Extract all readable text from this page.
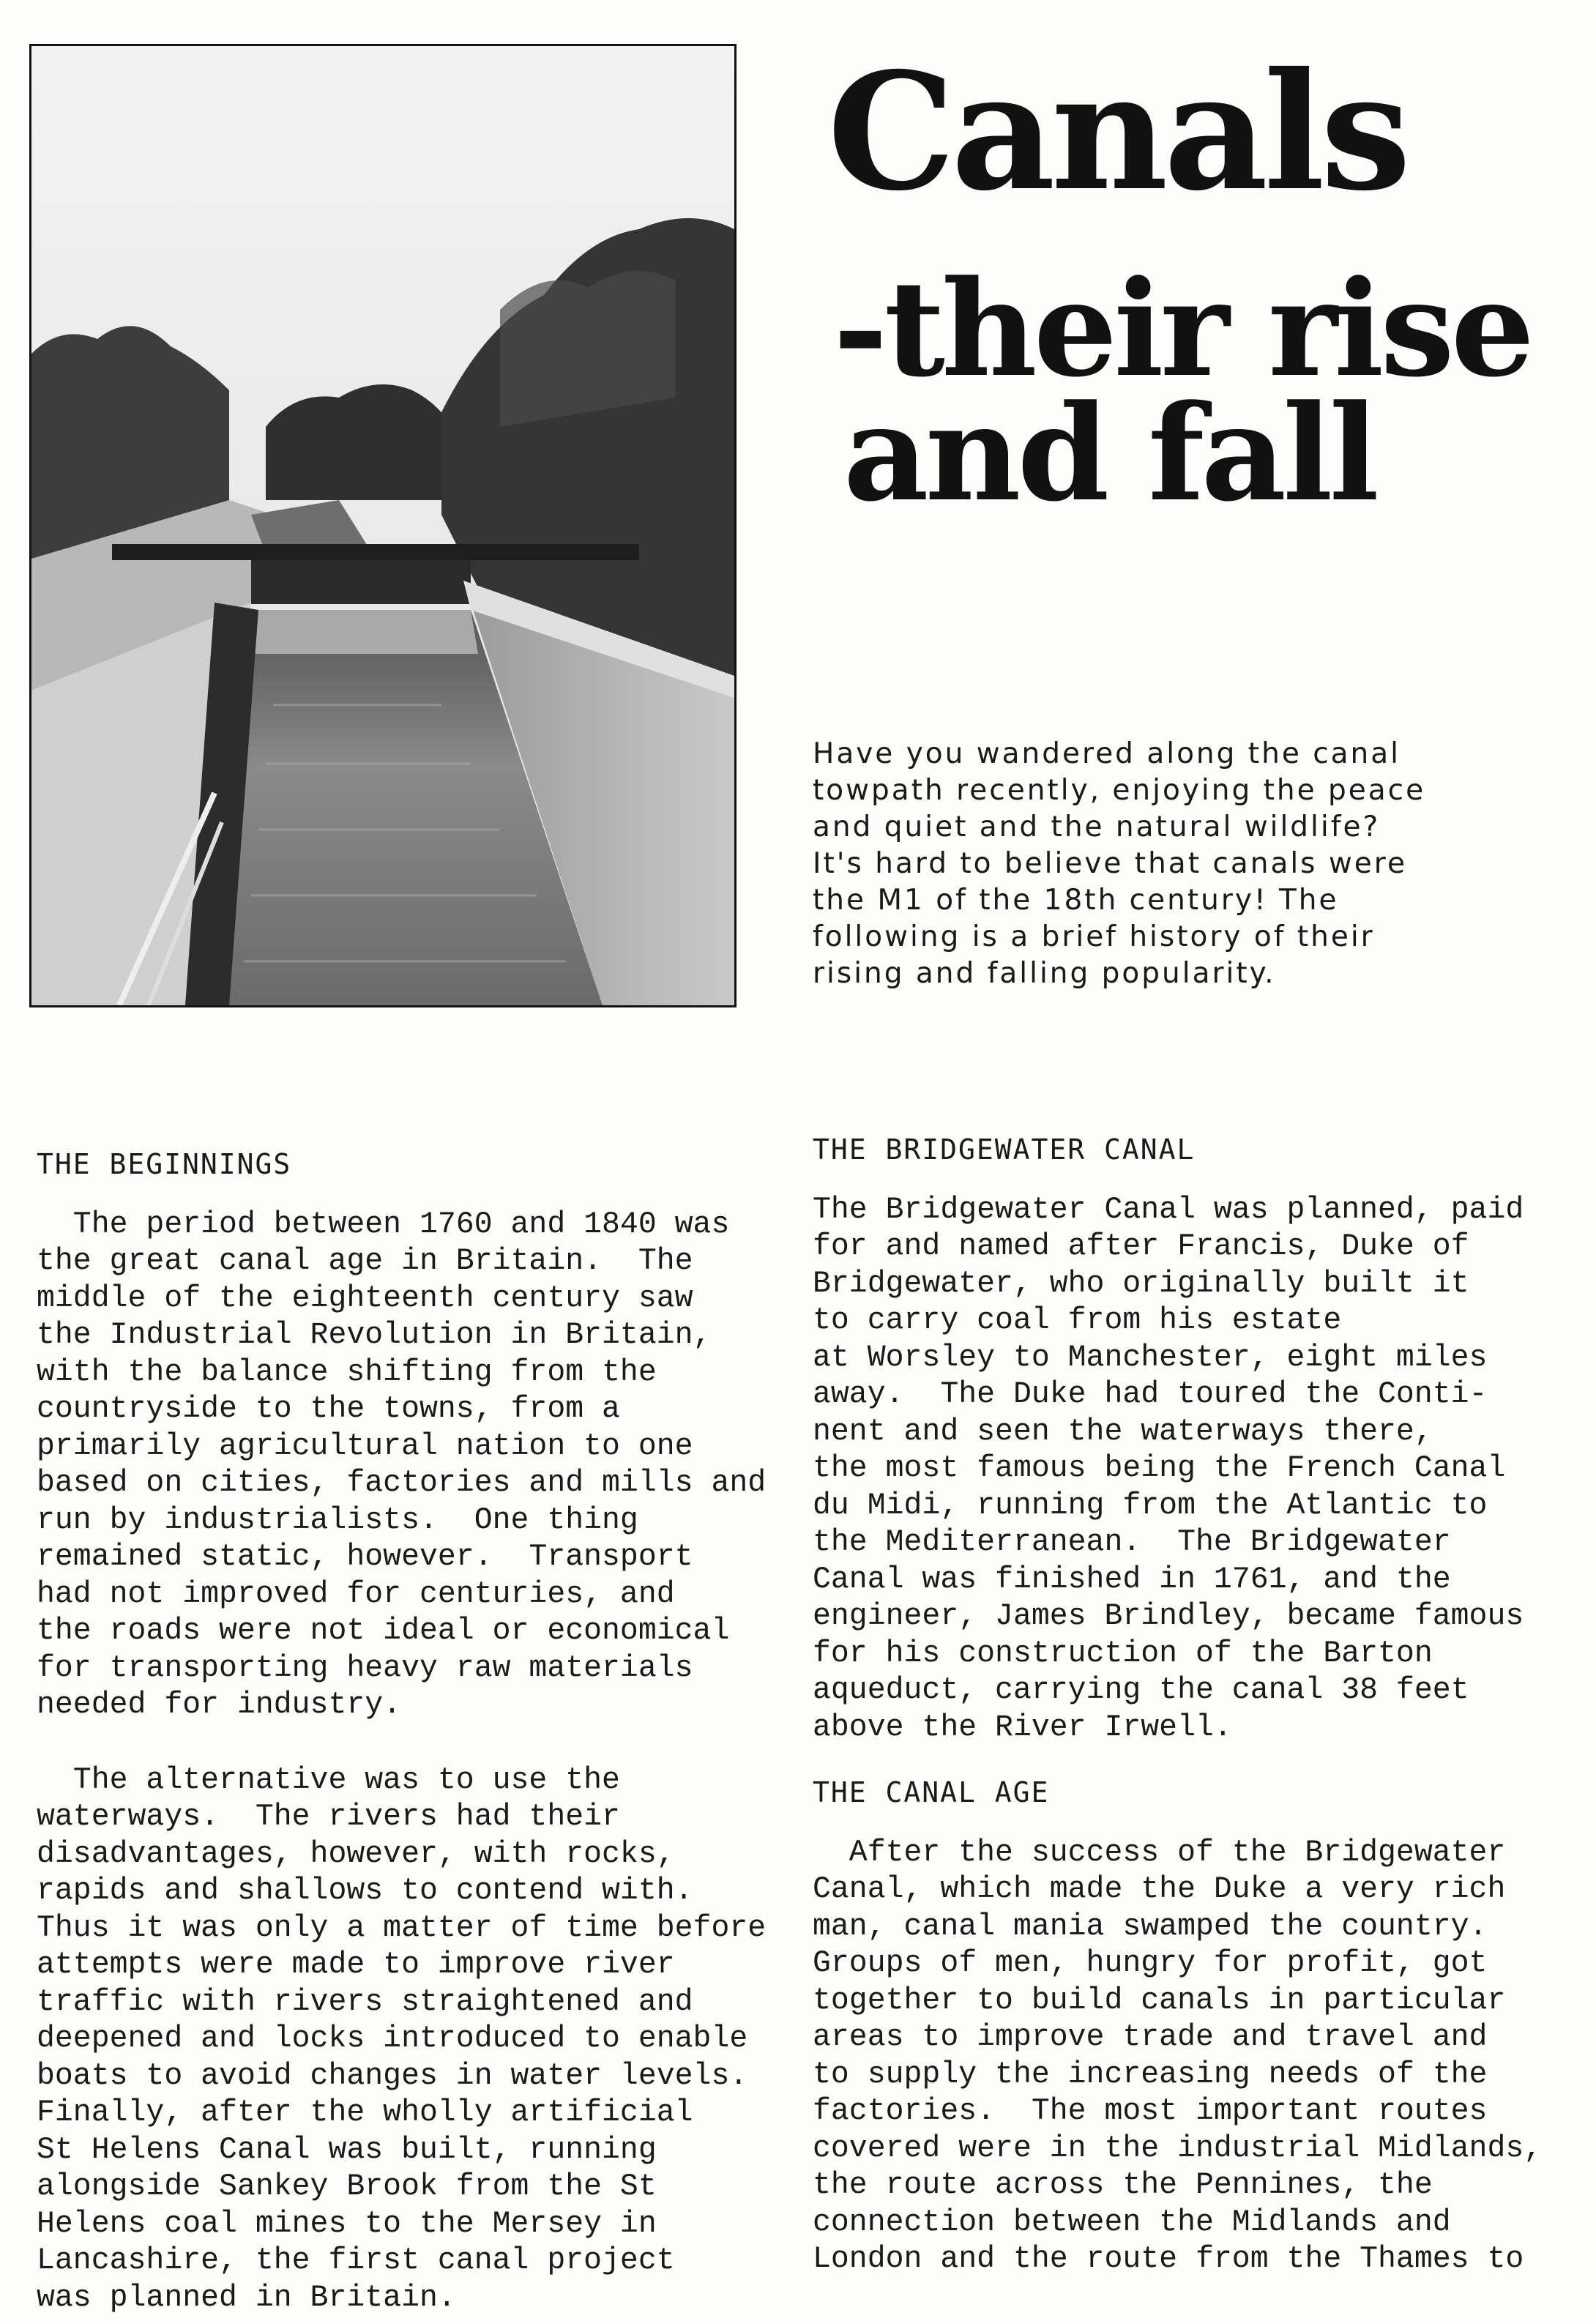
Canals
-their rise
and fall

Have you wandered along the canal
towpath recently, enjoying the peace
and quiet and the natural wildlife?
It's hard to believe that canals were
the M1 of the 18th century! The
following is a brief history of their
rising and falling popularity.

THE BEGINNINGS

The period between 1760 and 1840 was
the great canal age in Britain.  The
middle of the eighteenth century saw
the Industrial Revolution in Britain,
with the balance shifting from the
countryside to the towns, from a
primarily agricultural nation to one
based on cities, factories and mills and
run by industrialists.  One thing
remained static, however.  Transport
had not improved for centuries, and
the roads were not ideal or economical
for transporting heavy raw materials
needed for industry.

The alternative was to use the
waterways.  The rivers had their
disadvantages, however, with rocks,
rapids and shallows to contend with.
Thus it was only a matter of time before
attempts were made to improve river
traffic with rivers straightened and
deepened and locks introduced to enable
boats to avoid changes in water levels.
Finally, after the wholly artificial
St Helens Canal was built, running
alongside Sankey Brook from the St
Helens coal mines to the Mersey in
Lancashire, the first canal project
was planned in Britain.

THE BRIDGEWATER CANAL

The Bridgewater Canal was planned, paid
for and named after Francis, Duke of
Bridgewater, who originally built it
to carry coal from his estate
at Worsley to Manchester, eight miles
away.  The Duke had toured the Conti-
nent and seen the waterways there,
the most famous being the French Canal
du Midi, running from the Atlantic to
the Mediterranean.  The Bridgewater
Canal was finished in 1761, and the
engineer, James Brindley, became famous
for his construction of the Barton
aqueduct, carrying the canal 38 feet
above the River Irwell.

THE CANAL AGE

After the success of the Bridgewater
Canal, which made the Duke a very rich
man, canal mania swamped the country.
Groups of men, hungry for profit, got
together to build canals in particular
areas to improve trade and travel and
to supply the increasing needs of the
factories.  The most important routes
covered were in the industrial Midlands,
the route across the Pennines, the
connection between the Midlands and
London and the route from the Thames to
